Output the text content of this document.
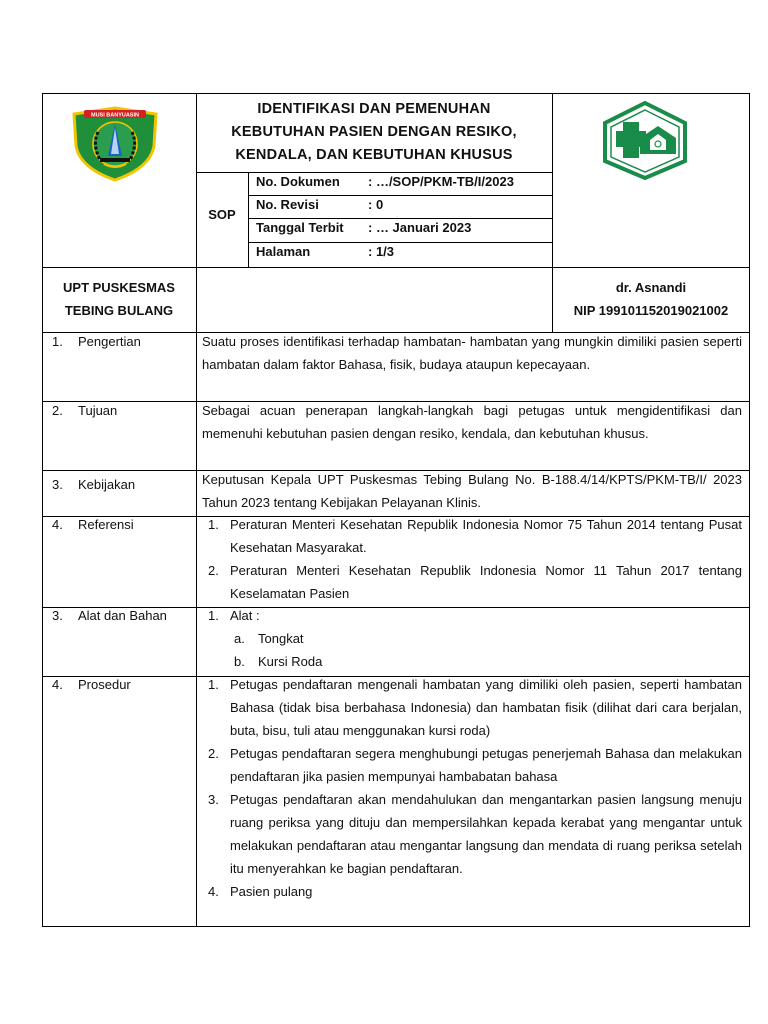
MUSI BANYUASIN	IDENTIFIKASI DAN PEMENUHAN
KEBUTUHAN PASIEN DENGAN RESIKO,
KENDALA, DAN KEBUTUHAN KHUSUS
SOP
No. Dokumen : …/SOP/PKM-TB/I/2023
No. Revisi	: 0
Tanggal Terbit : … Januari 2023
Halaman	: 1/3
UPT PUSKESMAS
TEBING BULANG
dr. Asnandi
NIP 199101152019021002
1. Pengertian	Suatu proses identifikasi terhadap hambatan- hambatan yang mungkin dimiliki pasien seperti hambatan dalam faktor Bahasa, fisik, budaya ataupun kepecayaan.
2. Tujuan	Sebagai acuan penerapan langkah-langkah bagi petugas untuk mengidentifikasi dan memenuhi kebutuhan pasien dengan resiko, kendala, dan kebutuhan khusus.
3. Kebijakan	Keputusan Kepala UPT Puskesmas Tebing Bulang No. B-188.4/14/KPTS/PKM-TB/I/ 2023 Tahun 2023 tentang Kebijakan Pelayanan Klinis.
4. Referensi	1. Peraturan Menteri Kesehatan Republik Indonesia Nomor 75 Tahun 2014 tentang Pusat Kesehatan Masyarakat.
2. Peraturan Menteri Kesehatan Republik Indonesia Nomor 11 Tahun 2017 tentang Keselamatan Pasien
3. Alat dan Bahan	1. Alat :
a. Tongkat
b. Kursi Roda
4. Prosedur	1. Petugas pendaftaran mengenali hambatan yang dimiliki oleh pasien, seperti hambatan Bahasa (tidak bisa berbahasa Indonesia) dan hambatan fisik (dilihat dari cara berjalan, buta, bisu, tuli atau menggunakan kursi roda)
2. Petugas pendaftaran segera menghubungi petugas penerjemah Bahasa dan melakukan pendaftaran jika pasien mempunyai hambabatan bahasa
3. Petugas pendaftaran akan mendahulukan dan mengantarkan pasien langsung menuju ruang periksa yang dituju dan mempersilahkan kepada kerabat yang mengantar untuk melakukan pendaftaran atau mengantar langsung dan mendata di ruang periksa setelah itu menyerahkan ke bagian pendaftaran.
4. Pasien pulang
